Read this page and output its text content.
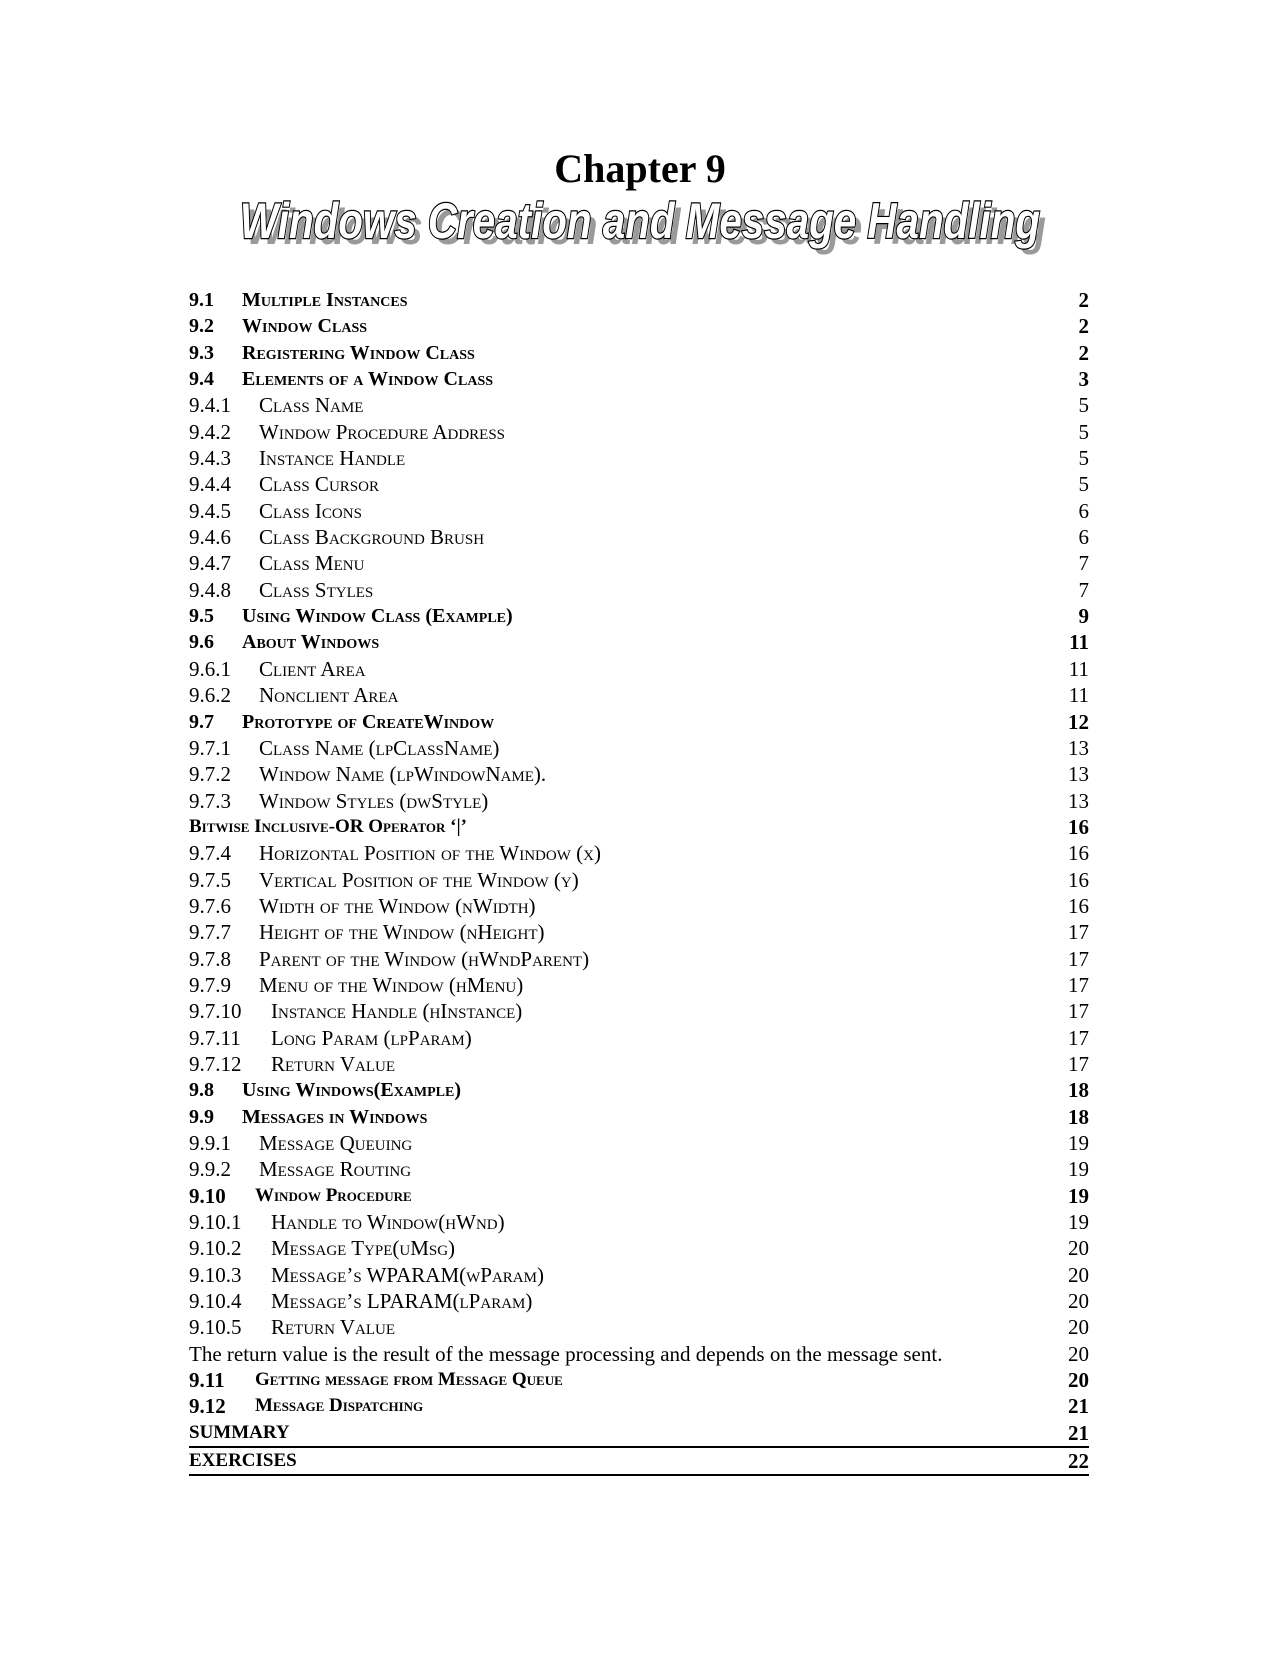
Chapter 9
Windows Creation and Message Handling
Windows Creation and Message Handling
9.1 Multiple Instances	2
9.2 Window Class	2
9.3 Registering Window Class	2
9.4 Elements of a Window Class	3
9.4.1 Class Name	5
9.4.2 Window Procedure Address	5
9.4.3 Instance Handle	5
9.4.4 Class Cursor	5
9.4.5 Class Icons	6
9.4.6 Class Background Brush	6
9.4.7 Class Menu	7
9.4.8 Class Styles	7
9.5 Using Window Class (Example)	9
9.6 About Windows	11
9.6.1 Client Area	11
9.6.2 Nonclient Area	11
9.7 Prototype of CreateWindow	12
9.7.1 Class Name (lpClassName)	13
9.7.2 Window Name (lpWindowName).	13
9.7.3 Window Styles (dwStyle)	13
Bitwise Inclusive-OR Operator ‘|’	16
9.7.4 Horizontal Position of the Window (x)	16
9.7.5 Vertical Position of the Window (y)	16
9.7.6 Width of the Window (nWidth)	16
9.7.7 Height of the Window (nHeight)	17
9.7.8 Parent of the Window (hWndParent)	17
9.7.9 Menu of the Window (hMenu)	17
9.7.10 Instance Handle (hInstance)	17
9.7.11 Long Param (lpParam)	17
9.7.12 Return Value	17
9.8 Using Windows(Example)	18
9.9 Messages in Windows	18
9.9.1 Message Queuing	19
9.9.2 Message Routing	19
9.10 Window Procedure	19
9.10.1 Handle to Window(hWnd)	19
9.10.2 Message Type(uMsg)	20
9.10.3 Message’s WPARAM(wParam)	20
9.10.4 Message’s LPARAM(lParam)	20
9.10.5 Return Value	20
The return value is the result of the message processing and depends on the message sent.	20
9.11 Getting message from Message Queue	20
9.12 Message Dispatching	21
SUMMARY	21
EXERCISES	22
